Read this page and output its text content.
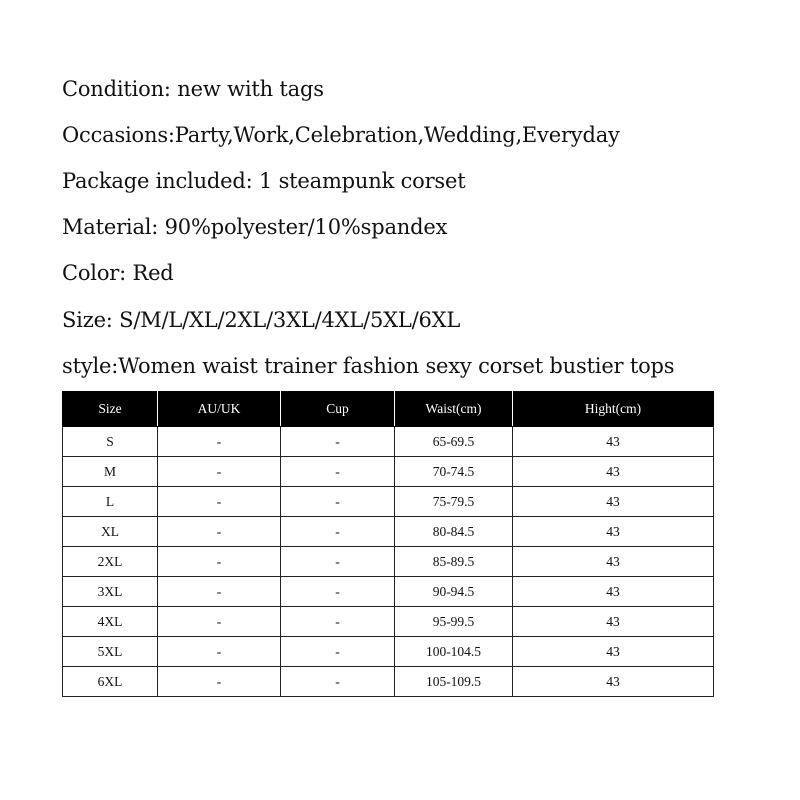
Condition: new with tags
Occasions:Party,Work,Celebration,Wedding,Everyday
Package included: 1 steampunk corset
Material: 90%polyester/10%spandex
Color: Red
Size: S/M/L/XL/2XL/3XL/4XL/5XL/6XL
style:Women waist trainer fashion sexy corset bustier tops
Size	AU/UK	Cup	Waist(cm)	Hight(cm)
S	-	-	65-69.5	43
M	-	-	70-74.5	43
L	-	-	75-79.5	43
XL	-	-	80-84.5	43
2XL	-	-	85-89.5	43
3XL	-	-	90-94.5	43
4XL	-	-	95-99.5	43
5XL	-	-	100-104.5	43
6XL	-	-	105-109.5	43
